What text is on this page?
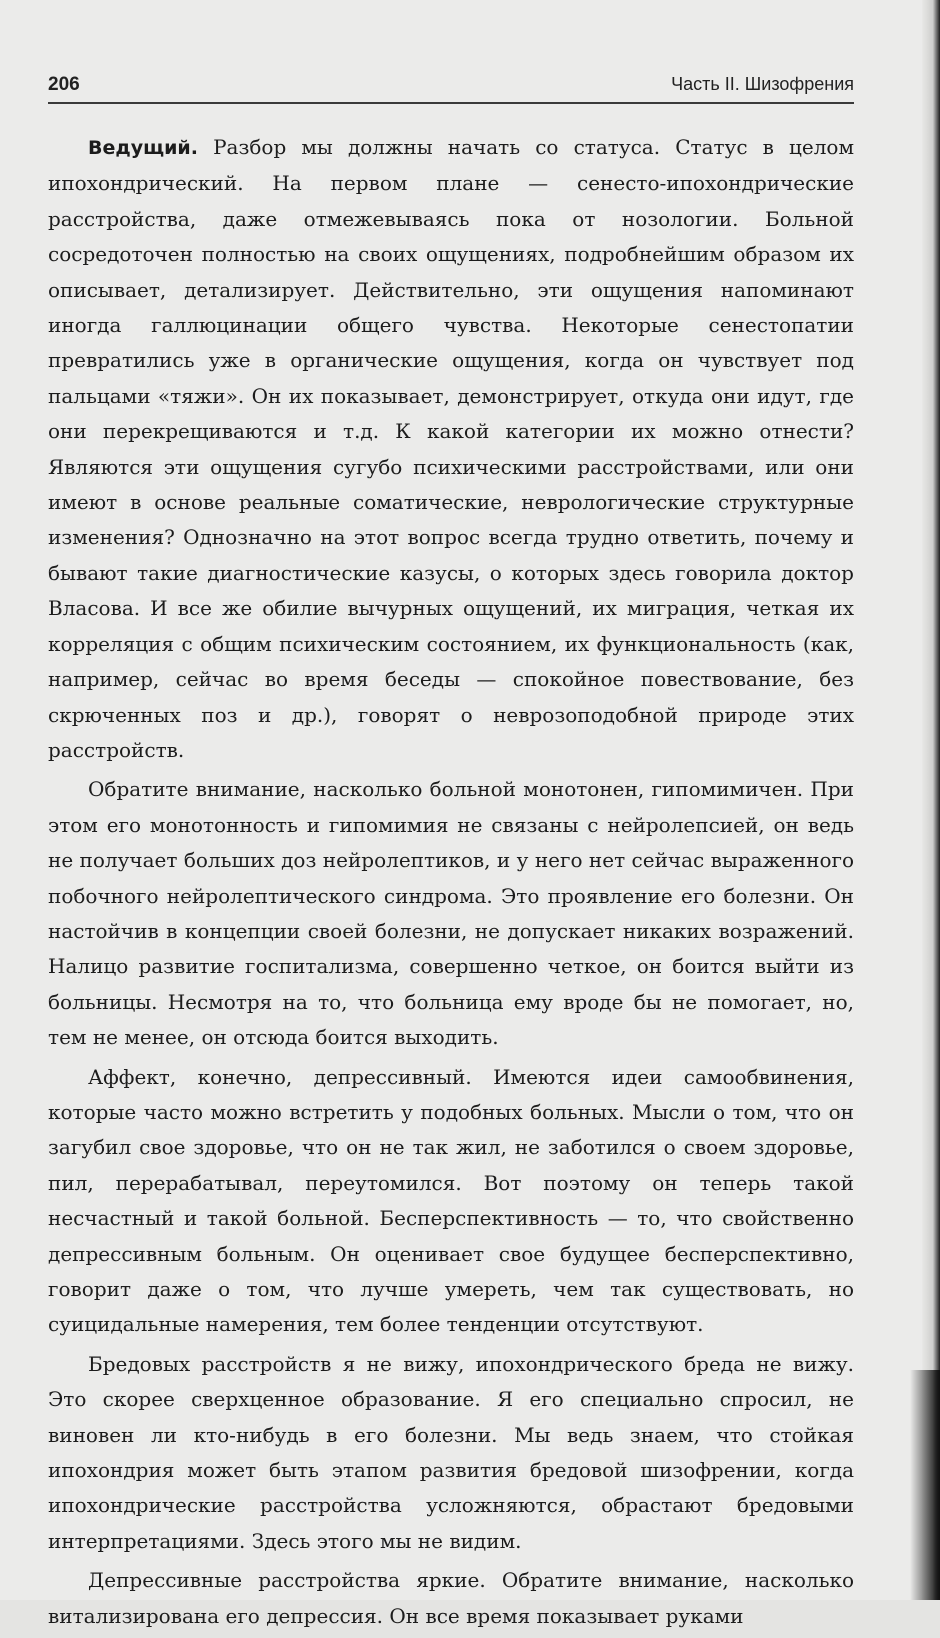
206	Часть II. Шизофрения

Ведущий. Разбор мы должны начать со статуса. Статус в целом ипохондрический. На первом плане — сенесто-ипохондрические расстройства, даже отмежевываясь пока от нозологии. Больной сосредоточен полностью на своих ощущениях, подробнейшим образом их описывает, детализирует. Действительно, эти ощущения напоминают иногда галлюцинации общего чувства. Некоторые сенестопатии превратились уже в органические ощущения, когда он чувствует под пальцами «тяжи». Он их показывает, демонстрирует, откуда они идут, где они перекрещиваются и т.д. К какой категории их можно отнести? Являются эти ощущения сугубо психическими расстройствами, или они имеют в основе реальные соматические, неврологические структурные изменения? Однозначно на этот вопрос всегда трудно ответить, почему и бывают такие диагностические казусы, о которых здесь говорила доктор Власова. И все же обилие вычурных ощущений, их миграция, четкая их корреляция с общим психическим состоянием, их функциональность (как, например, сейчас во время беседы — спокойное повествование, без скрюченных поз и др.), говорят о неврозоподобной природе этих расстройств.

Обратите внимание, насколько больной монотонен, гипомимичен. При этом его монотонность и гипомимия не связаны с нейролепсией, он ведь не получает больших доз нейролептиков, и у него нет сейчас выраженного побочного нейролептического синдрома. Это проявление его болезни. Он настойчив в концепции своей болезни, не допускает никаких возражений. Налицо развитие госпитализма, совершенно четкое, он боится выйти из больницы. Несмотря на то, что больница ему вроде бы не помогает, но, тем не менее, он отсюда боится выходить.

Аффект, конечно, депрессивный. Имеются идеи самообвинения, которые часто можно встретить у подобных больных. Мысли о том, что он загубил свое здоровье, что он не так жил, не заботился о своем здоровье, пил, перерабатывал, переутомился. Вот поэтому он теперь такой несчастный и такой больной. Бесперспективность — то, что свойственно депрессивным больным. Он оценивает свое будущее бесперспективно, говорит даже о том, что лучше умереть, чем так существовать, но суицидальные намерения, тем более тенденции отсутствуют.

Бредовых расстройств я не вижу, ипохондрического бреда не вижу. Это скорее сверхценное образование. Я его специально спросил, не виновен ли кто-нибудь в его болезни. Мы ведь знаем, что стойкая ипохондрия может быть этапом развития бредовой шизофрении, когда ипохондрические расстройства усложняются, обрастают бредовыми интерпретациями. Здесь этого мы не видим.

Депрессивные расстройства яркие. Обратите внимание, насколько витализирована его депрессия. Он все время показывает руками
